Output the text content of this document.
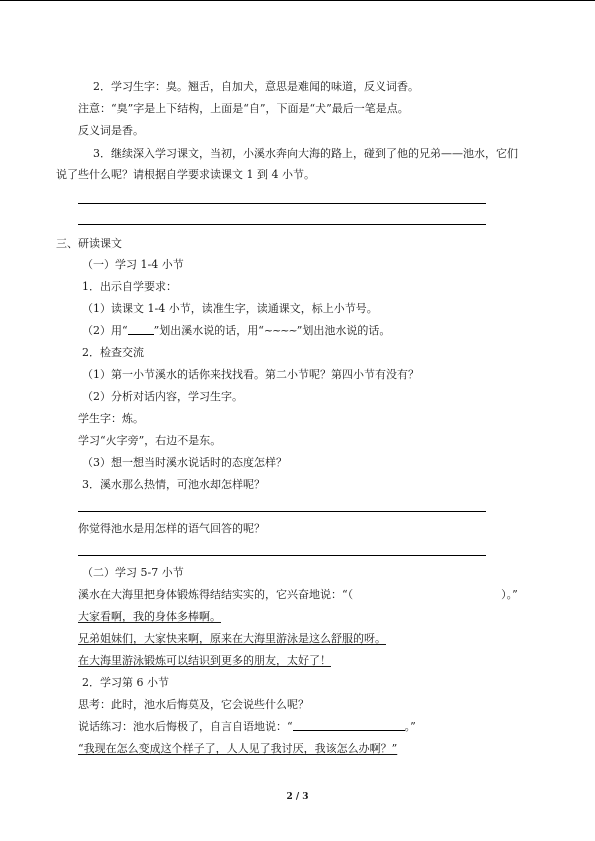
2．学习生字：臭。翘舌，自加犬，意思是难闻的味道，反义词香。
注意：“臭”字是上下结构，上面是“自”，下面是“犬”最后一笔是点。
反义词是香。
3．继续深入学习课文，当初，小溪水奔向大海的路上，碰到了他的兄弟——池水，它们
说了些什么呢？请根据自学要求读课文 1 到 4 小节。
三、研读课文
（一）学习 1-4 小节
1．出示自学要求：
（1）读课文 1-4 小节，读准生字，读通课文，标上小节号。
（2）用“ ”划出溪水说的话，用“~~~~”划出池水说的话。
2．检查交流
（1）第一小节溪水的话你来找找看。第二小节呢？第四小节有没有？
（2）分析对话内容，学习生字。
学生字：炼。
学习“火字旁”，右边不是东。
（3）想一想当时溪水说话时的态度怎样？
3．溪水那么热情，可池水却怎样呢？
你觉得池水是用怎样的语气回答的呢？
（二）学习 5-7 小节
溪水在大海里把身体锻炼得结结实实的，它兴奋地说：“（	）。”
大家看啊，我的身体多棒啊。
兄弟姐妹们，大家快来啊，原来在大海里游泳是这么舒服的呀。
在大海里游泳锻炼可以结识到更多的朋友，太好了！
2．学习第 6 小节
思考：此时，池水后悔莫及，它会说些什么呢？
说话练习：池水后悔极了，自言自语地说：“	。”
“我现在怎么变成这个样子了，人人见了我讨厌，我该怎么办啊？”
2 / 3
